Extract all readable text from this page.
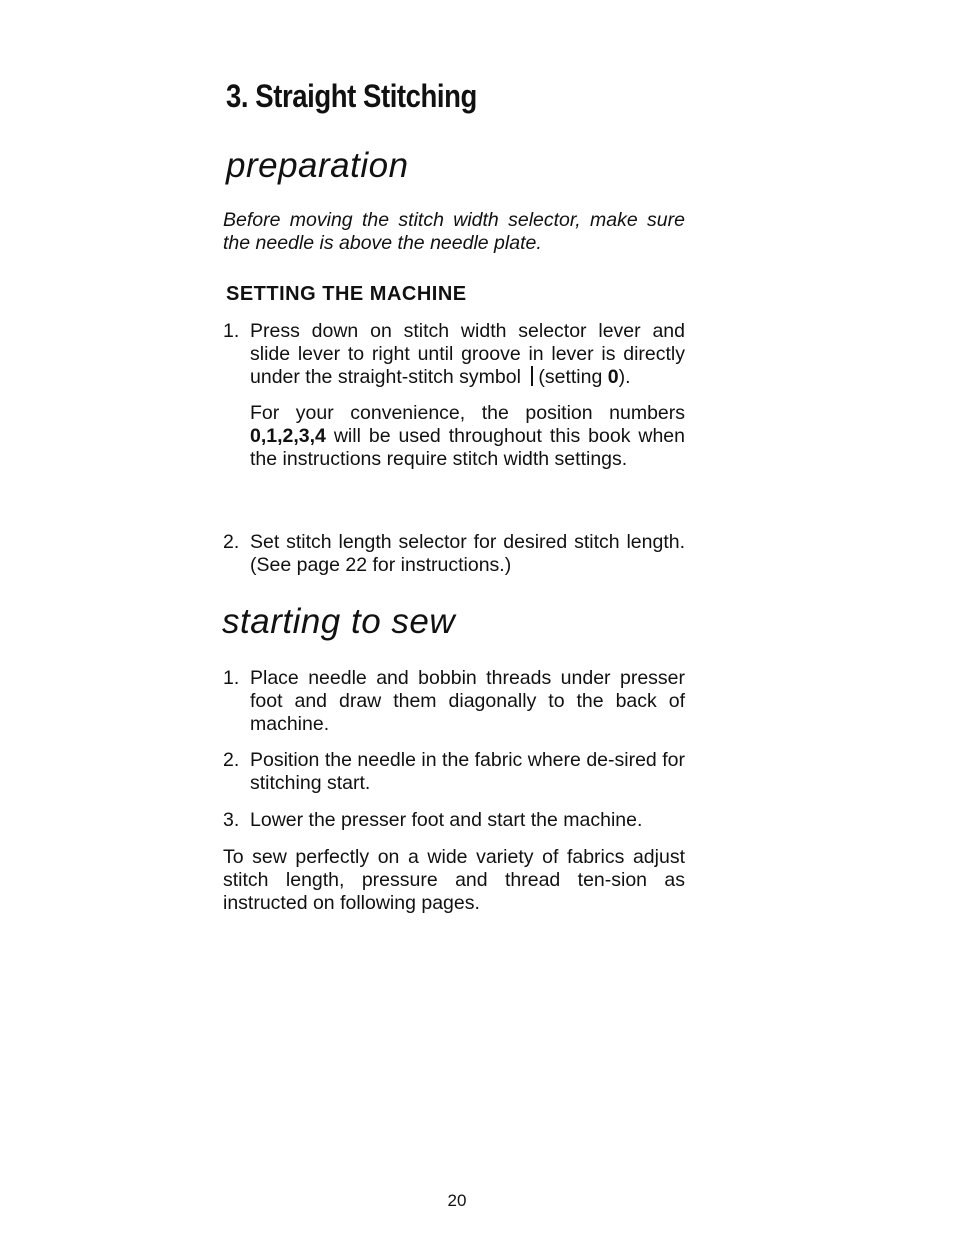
3. Straight Stitching
preparation

Before moving the stitch width selector, make sure the needle is above the needle plate.

SETTING THE MACHINE
1. Press down on stitch width selector lever and slide lever to right until groove in lever is directly under the straight-stitch symbol (setting 0).
For your convenience, the position numbers 0,1,2,3,4 will be used throughout this book when the instructions require stitch width settings.
2. Set stitch length selector for desired stitch length. (See page 22 for instructions.)
starting to sew
1. Place needle and bobbin threads under presser foot and draw them diagonally to the back of machine.
2. Position the needle in the fabric where de-sired for stitching start.
3. Lower the presser foot and start the machine.

To sew perfectly on a wide variety of fabrics adjust stitch length, pressure and thread ten-sion as instructed on following pages.

20
